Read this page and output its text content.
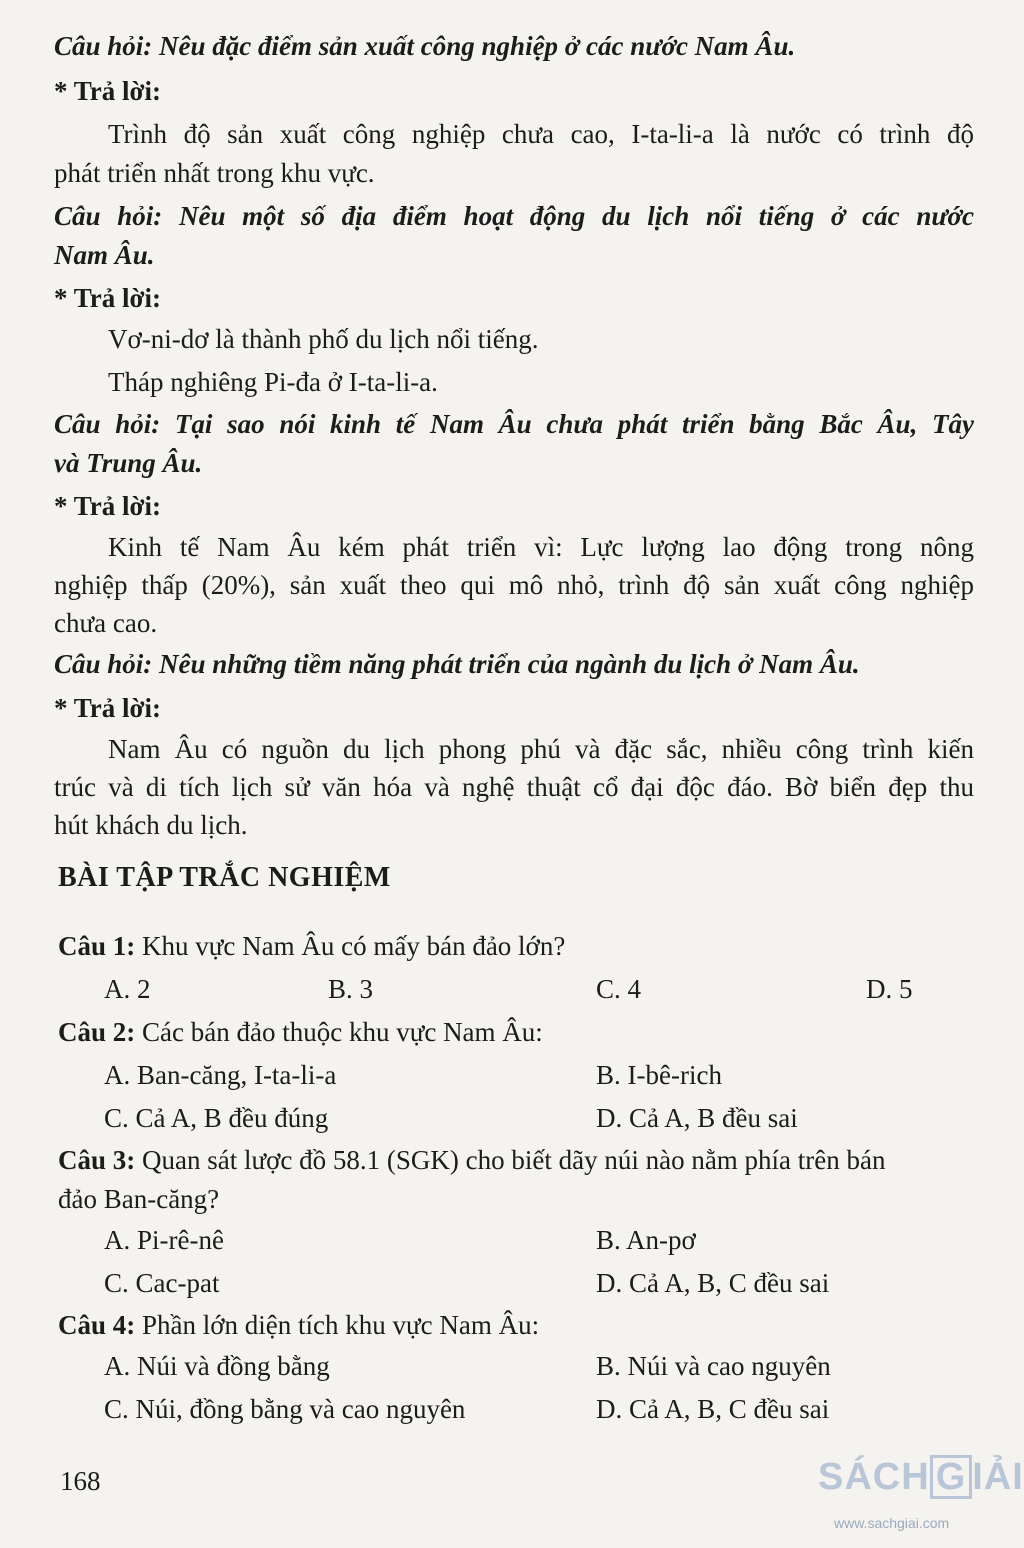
Câu hỏi: Nêu đặc điểm sản xuất công nghiệp ở các nước Nam Âu.
* Trả lời:
Trình độ sản xuất công nghiệp chưa cao, I-ta-li-a là nước có trình độ
phát triển nhất trong khu vực.
Câu hỏi: Nêu một số địa điểm hoạt động du lịch nổi tiếng ở các nước
Nam Âu.
* Trả lời:
Vơ-ni-dơ là thành phố du lịch nổi tiếng.
Tháp nghiêng Pi-đa ở I-ta-li-a.
Câu hỏi: Tại sao nói kinh tế Nam Âu chưa phát triển bằng Bắc Âu, Tây
và Trung Âu.
* Trả lời:
Kinh tế Nam Âu kém phát triển vì: Lực lượng lao động trong nông
nghiệp thấp (20%), sản xuất theo qui mô nhỏ, trình độ sản xuất công nghiệp
chưa cao.
Câu hỏi: Nêu những tiềm năng phát triển của ngành du lịch ở Nam Âu.
* Trả lời:
Nam Âu có nguồn du lịch phong phú và đặc sắc, nhiều công trình kiến
trúc và di tích lịch sử văn hóa và nghệ thuật cổ đại độc đáo. Bờ biển đẹp thu
hút khách du lịch.
BÀI TẬP TRẮC NGHIỆM
Câu 1: Khu vực Nam Âu có mấy bán đảo lớn?
A. 2	B. 3	C. 4	D. 5
Câu 2: Các bán đảo thuộc khu vực Nam Âu:
A. Ban-căng, I-ta-li-a	B. I-bê-rich
C. Cả A, B đều đúng	D. Cả A, B đều sai
Câu 3: Quan sát lược đồ 58.1 (SGK) cho biết dãy núi nào nằm phía trên bán
đảo Ban-căng?
A. Pi-rê-nê	B. An-pơ
C. Cac-pat	D. Cả A, B, C đều sai
Câu 4: Phần lớn diện tích khu vực Nam Âu:
A. Núi và đồng bằng	B. Núi và cao nguyên
C. Núi, đồng bằng và cao nguyên	D. Cả A, B, C đều sai
168	SÁCH G IẢI
www.sachgiai.com
